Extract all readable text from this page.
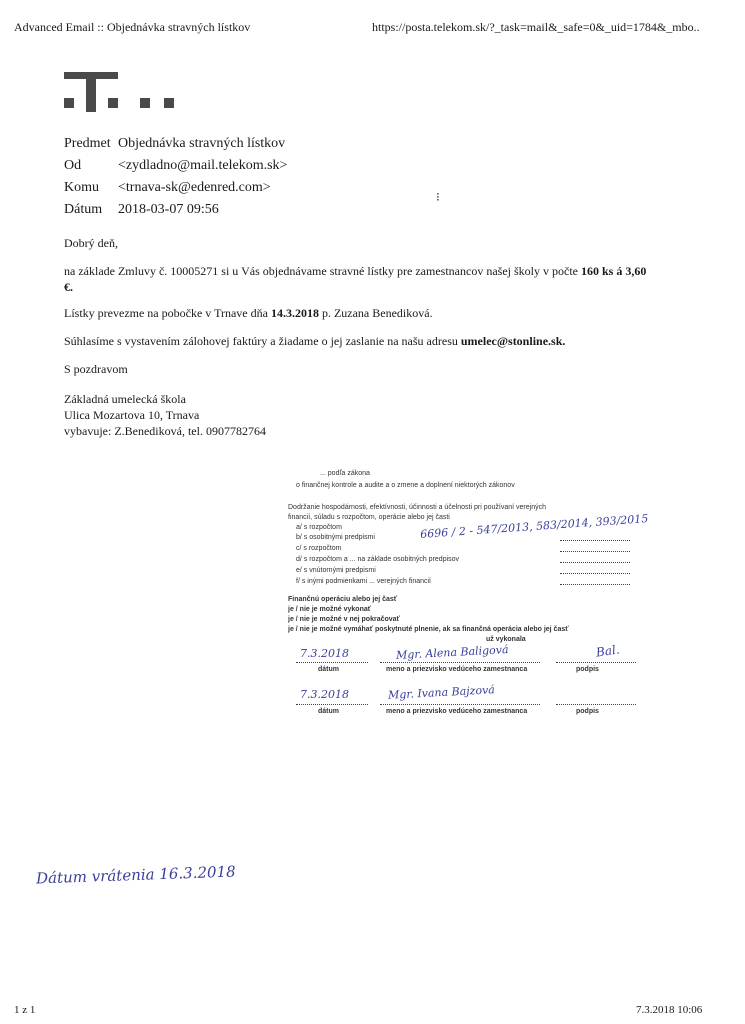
Advanced Email :: Objednávka stravných lístkov	https://posta.telekom.sk/?_task=mail&_safe=0&_uid=1784&_mbo..
Predmet Objednávka stravných lístkov
Od	<zydladno@mail.telekom.sk>
Komu <trnava-sk@edenred.com>
Dátum 2018-03-07 09:56
Dobrý deň,
na základe Zmluvy č. 10005271 si u Vás objednávame stravné lístky pre zamestnancov našej školy v počte 160 ks á 3,60
€.
Lístky prevezme na pobočke v Trnave dňa 14.3.2018 p. Zuzana Benediková.
Súhlasíme s vystavením zálohovej faktúry a žiadame o jej zaslanie na našu adresu umelec@stonline.sk.
S pozdravom
Základná umelecká škola
Ulica Mozartova 10, Trnava
vybavuje: Z.Benediková, tel. 0907782764
⁝
... podľa zákona
o finančnej kontrole a audite a o zmene a doplnení niektorých zákonov
Dodržanie hospodárnosti, efektívnosti, účinnosti a účelnosti pri používaní verejných
financií, súladu s rozpočtom, operácie alebo jej časti
a/ s rozpočtom
b/ s osobitnými predpismi
c/ s rozpočtom
d/ s rozpočtom a ... na základe osobitných predpisov
e/ s vnútornými predpismi
f/ s inými podmienkami ... verejných financií
Finančnú operáciu alebo jej časť
je / nie je možné vykonať
je / nie je možné v nej pokračovať
je / nie je možné vymáhať poskytnuté plnenie, ak sa finančná operácia alebo jej časť
už vykonala
dátum	meno a priezvisko vedúceho zamestnanca	podpis
dátum	meno a priezvisko vedúceho zamestnanca	podpis
6696 / 2 - 547/2013, 583/2014, 393/2015
7.3.2018	Mgr. Alena Baligová	Bal.
7.3.2018	Mgr. Ivana Bajzová
Dátum vrátenia 16.3.2018
1 z 1	7.3.2018 10:06
